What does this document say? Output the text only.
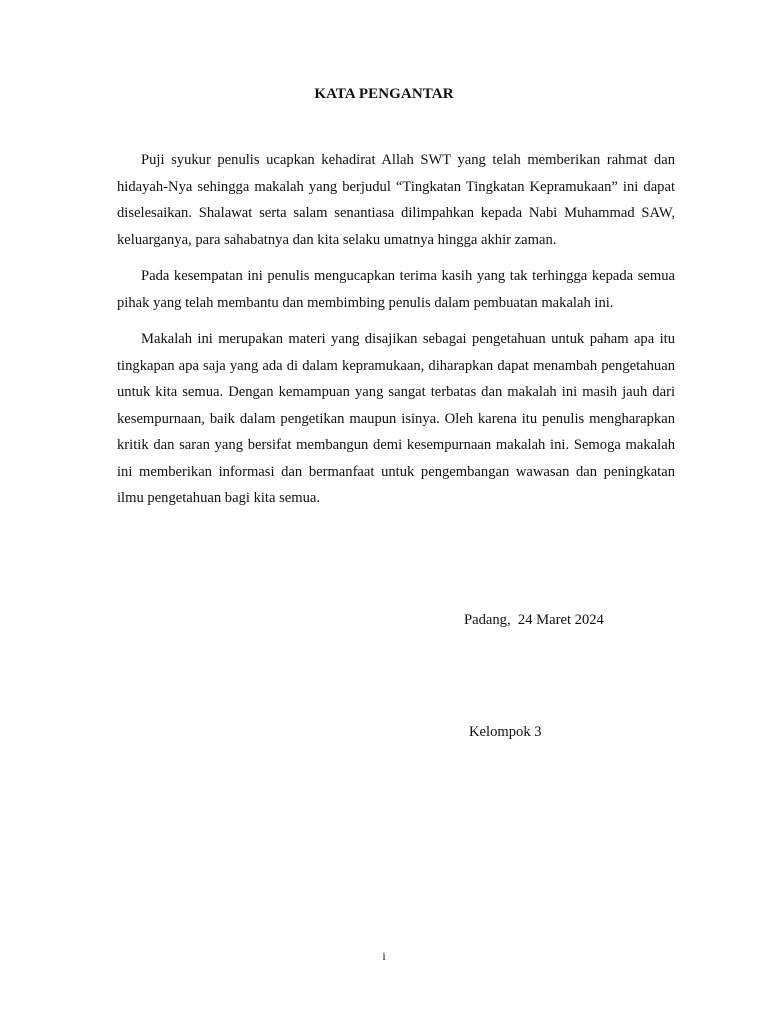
KATA PENGANTAR

Puji syukur penulis ucapkan kehadirat Allah SWT yang telah memberikan rahmat dan hidayah-Nya sehingga makalah yang berjudul “Tingkatan Tingkatan Kepramukaan” ini dapat diselesaikan. Shalawat serta salam senantiasa dilimpahkan kepada Nabi Muhammad SAW, keluarganya, para sahabatnya dan kita selaku umatnya hingga akhir zaman.

Pada kesempatan ini penulis mengucapkan terima kasih yang tak terhingga kepada semua pihak yang telah membantu dan membimbing penulis dalam pembuatan makalah ini.

Makalah ini merupakan materi yang disajikan sebagai pengetahuan untuk paham apa itu tingkapan apa saja yang ada di dalam kepramukaan, diharapkan dapat menambah pengetahuan untuk kita semua. Dengan kemampuan yang sangat terbatas dan makalah ini masih jauh dari kesempurnaan, baik dalam pengetikan maupun isinya. Oleh karena itu penulis mengharapkan kritik dan saran yang bersifat membangun demi kesempurnaan makalah ini. Semoga makalah ini memberikan informasi dan bermanfaat untuk pengembangan wawasan dan peningkatan ilmu pengetahuan bagi kita semua.

Padang,  24 Maret 2024
Kelompok 3
i
